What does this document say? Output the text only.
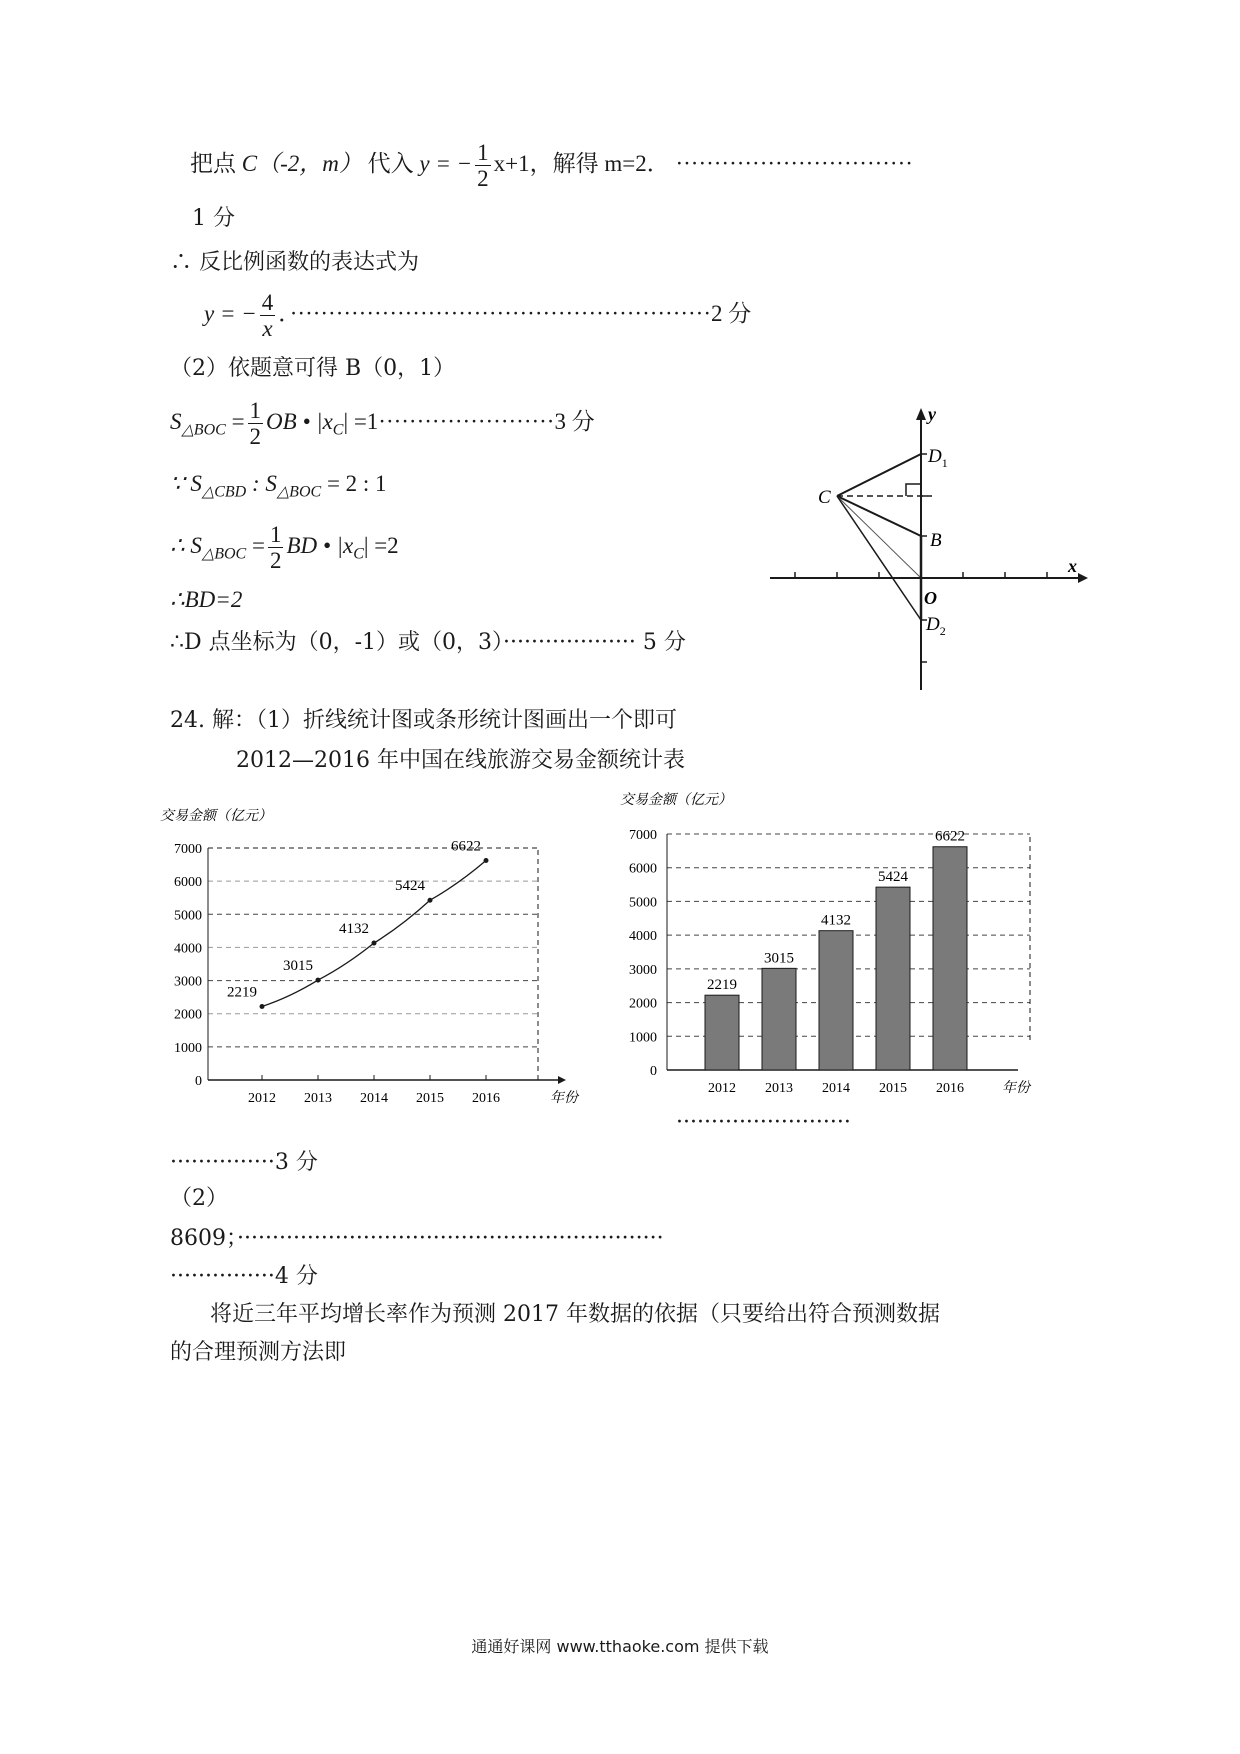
把点 C（-2，m） 代入 y = − $\frac{1}{2} x+1$，解得 m=2． ·······························
1 分
∴ 反比例函数的表达式为
y = − $\frac{4}{x}$ ．·······················································2 分
（2）依题意可得 B（0，1）
$S_{\triangle BOC} = \frac{1}{2}$ OB • $|x_C| =1\cdot\cdot\cdot\cdot\cdot\cdot\cdot\cdot\cdot\cdot\cdot\cdot\cdot\cdot\cdot\cdot\cdot\cdot\cdot\cdot\cdot\cdot\cdot 3$ 分
∵ $S_{\triangle CBD}$ : $S_{\triangle BOC} = 2$ : 1
∴ $S_{\triangle BOC} = \frac{1}{2}$ BD • $|x_C| =2$
∴BD=2
∴D 点坐标为（0，-1）或（0，3）··················· 5 分
y
x
O
C
B
$D_1$
$D_2$
24. 解：（1）折线统计图或条形统计图画出一个即可
2012—2016 年中国在线旅游交易金额统计表
交易金额（亿元）
0
1000
2000
3000
4000
5000
6000
7000
2012 2013 2014 2015 2016	年份
2219
3015
4132
5424
6622
交易金额（亿元）
0
1000
2000
3000
4000
5000
6000
7000
2219
2012
3015
2013
4132
2014
5424
2015
6622
2016	年份
·························
···············3 分
（2）
8609；·····························································
···············4 分
将近三年平均增长率作为预测 2017 年数据的依据（只要给出符合预测数据
的合理预测方法即
通通好课网 www.tthaoke.com 提供下载
